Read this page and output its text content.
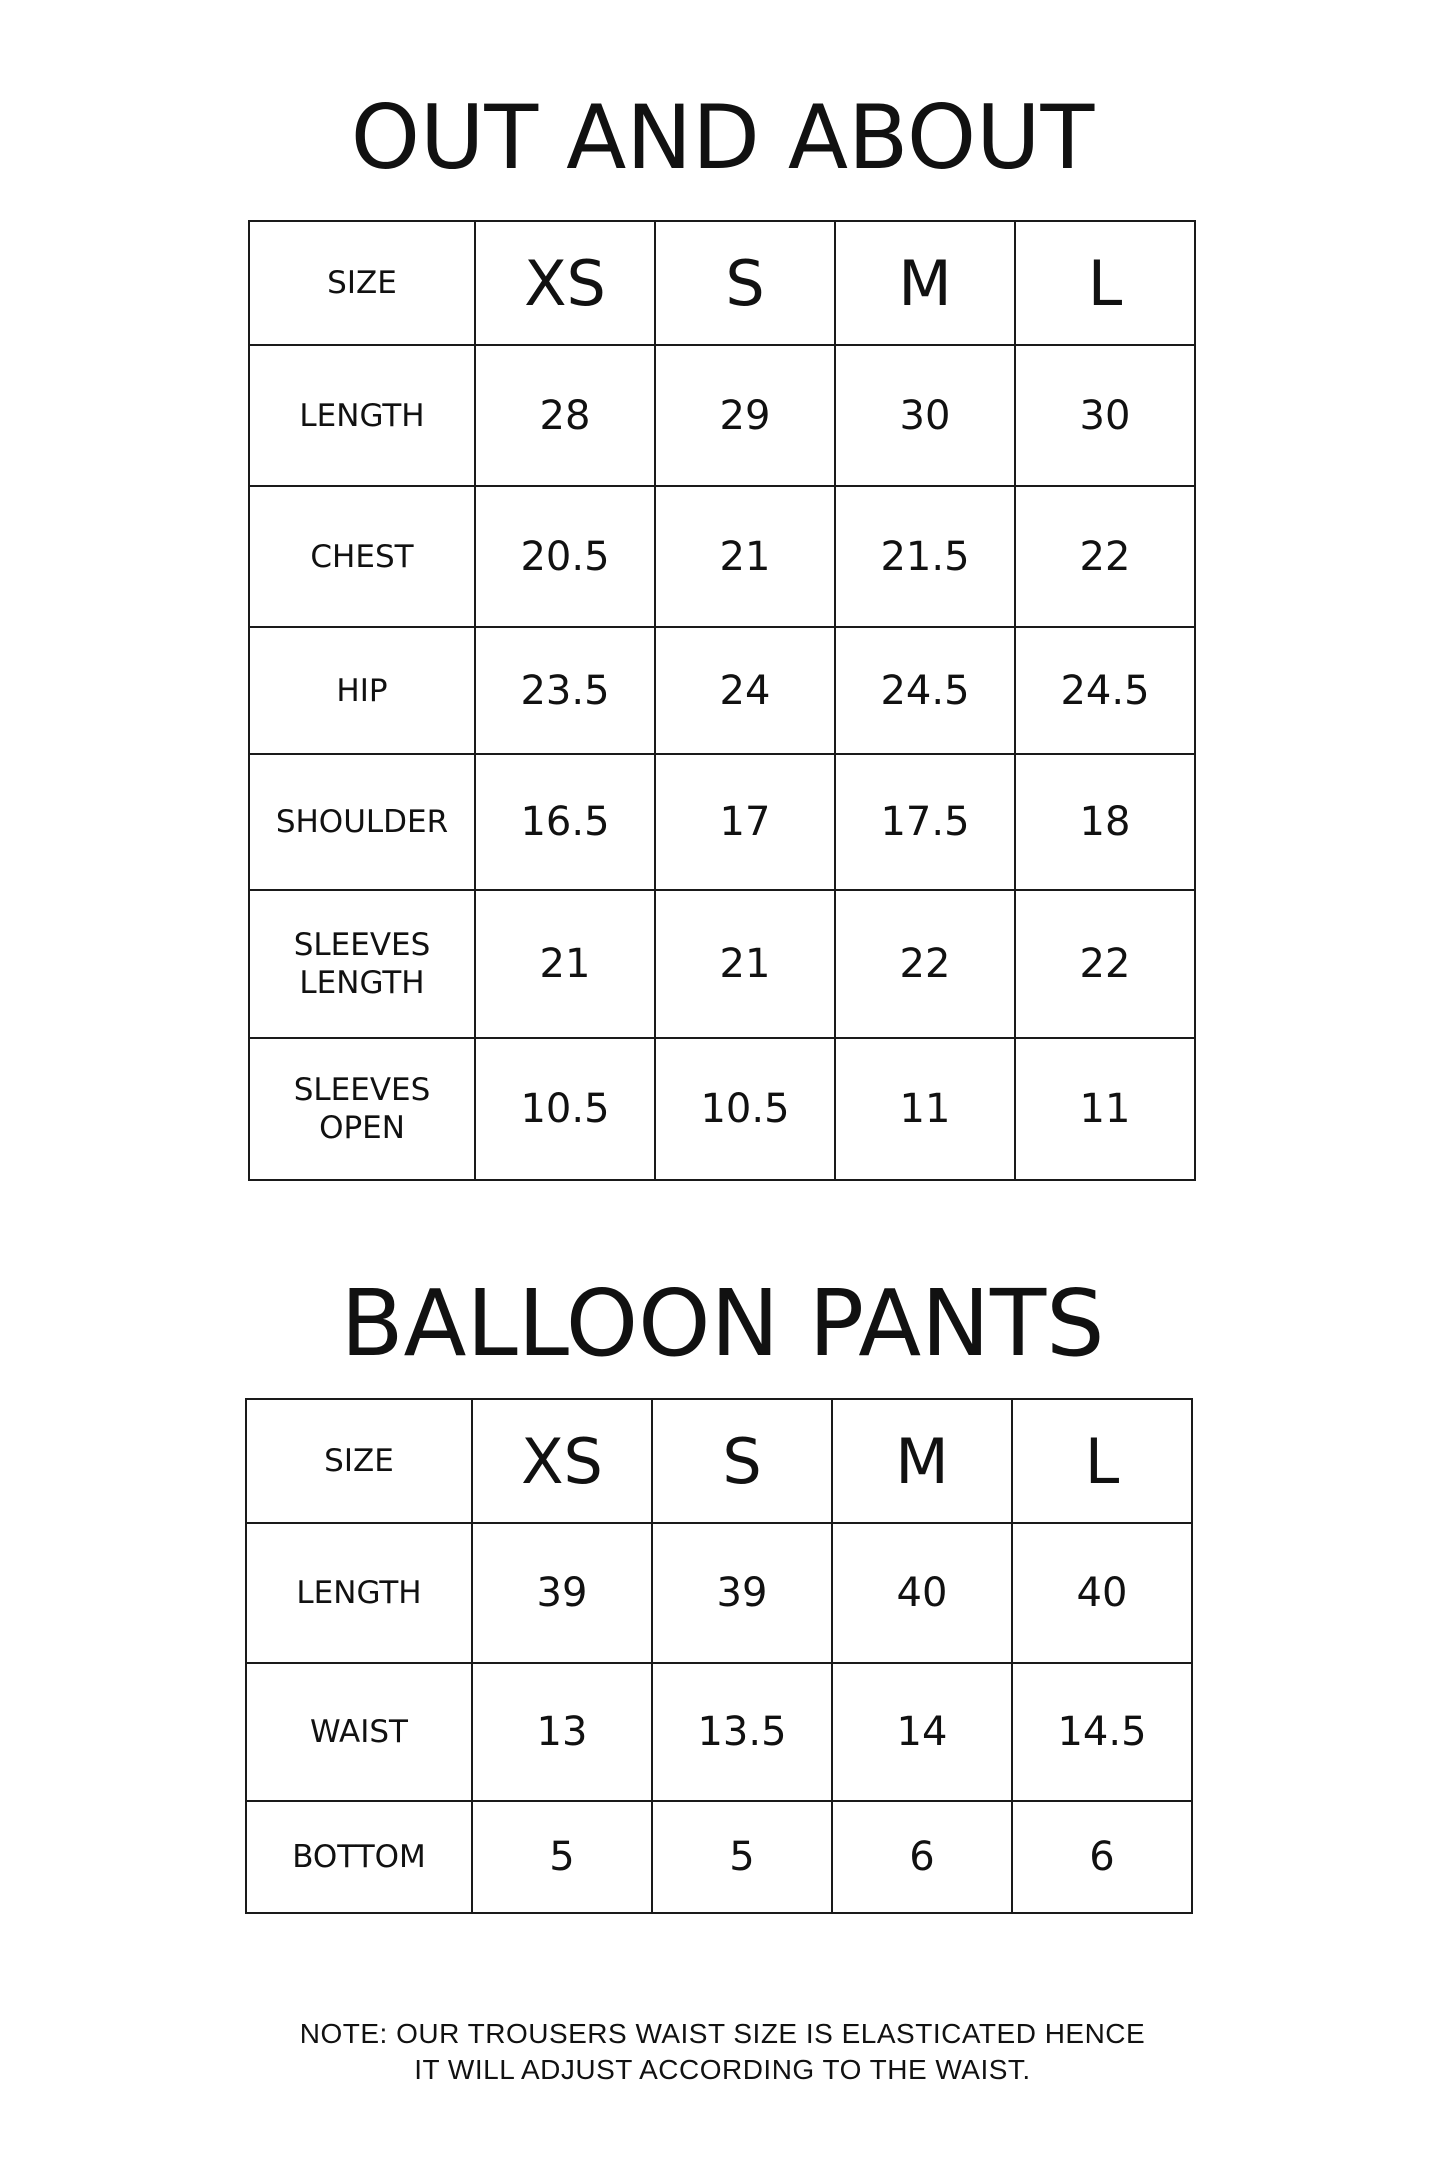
OUT AND ABOUT
SIZE	XS	S	M	L
LENGTH	28	29	30	30
CHEST	20.5	21	21.5	22
HIP	23.5	24	24.5	24.5
SHOULDER	16.5	17	17.5	18

SLEEVES
LENGTH	21	21	22	22

SLEEVES
OPEN	10.5	10.5	11	11
BALLOON PANTS
SIZE	XS	S	M	L
LENGTH	39	39	40	40
WAIST	13	13.5	14	14.5
BOTTOM	5	5	6	6
NOTE: OUR TROUSERS WAIST SIZE IS ELASTICATED HENCE
IT WILL ADJUST ACCORDING TO THE WAIST.
